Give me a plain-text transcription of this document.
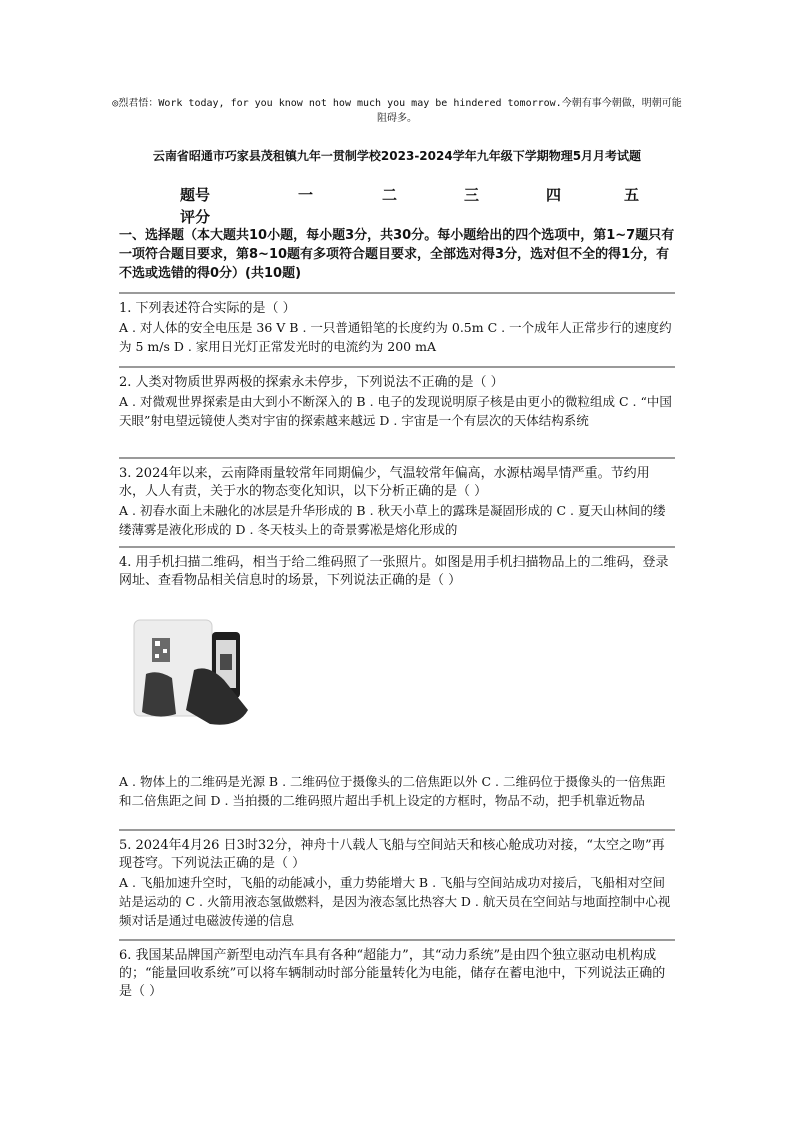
◎烈君悟：Work today, for you know not how much you may be hindered tomorrow.今朝有事今朝做，明朝可能阻碍多。
云南省昭通市巧家县茂租镇九年一贯制学校2023-2024学年九年级下学期物理5月月考试题
题号	一	二	三	四	五
评分
一、选择题（本大题共10小题，每小题3分，共30分。每小题给出的四个选项中，第1~7题只有一项符合题目要求，第8~10题有多项符合题目要求，全部选对得3分，选对但不全的得1分，有不选或选错的得0分）(共10题)
1. 下列表述符合实际的是（ ）
A . 对人体的安全电压是 36 V B . 一只普通铅笔的长度约为 0.5m C . 一个成年人正常步行的速度约为 5 m/s D . 家用日光灯正常发光时的电流约为 200 mA
2. 人类对物质世界两极的探索永未停步，下列说法不正确的是（ ）
A . 对微观世界探索是由大到小不断深入的 B . 电子的发现说明原子核是由更小的微粒组成 C . “中国天眼”射电望远镜使人类对宇宙的探索越来越远 D . 宇宙是一个有层次的天体结构系统
3. 2024年以来，云南降雨量较常年同期偏少，气温较常年偏高，水源枯竭旱情严重。节约用水，人人有责，关于水的物态变化知识，以下分析正确的是（ ）
A . 初春水面上未融化的冰层是升华形成的 B . 秋天小草上的露珠是凝固形成的 C . 夏天山林间的缕缕薄雾是液化形成的 D . 冬天枝头上的奇景雾凇是熔化形成的
4. 用手机扫描二维码，相当于给二维码照了一张照片。如图是用手机扫描物品上的二维码，登录网址、查看物品相关信息时的场景，下列说法正确的是（ ）
A . 物体上的二维码是光源 B . 二维码位于摄像头的二倍焦距以外 C . 二维码位于摄像头的一倍焦距和二倍焦距之间 D . 当拍摄的二维码照片超出手机上设定的方框时，物品不动，把手机靠近物品
5. 2024年4月26 日3时32分，神舟十八载人飞船与空间站天和核心舱成功对接，“太空之吻”再现苍穹。下列说法正确的是（ ）
A . 飞船加速升空时，飞船的动能减小，重力势能增大 B . 飞船与空间站成功对接后，飞船相对空间站是运动的 C . 火箭用液态氢做燃料，是因为液态氢比热容大 D . 航天员在空间站与地面控制中心视频对话是通过电磁波传递的信息
6. 我国某品牌国产新型电动汽车具有各种“超能力”，其“动力系统”是由四个独立驱动电机构成的；“能量回收系统”可以将车辆制动时部分能量转化为电能，储存在蓄电池中，下列说法正确的是（ ）
